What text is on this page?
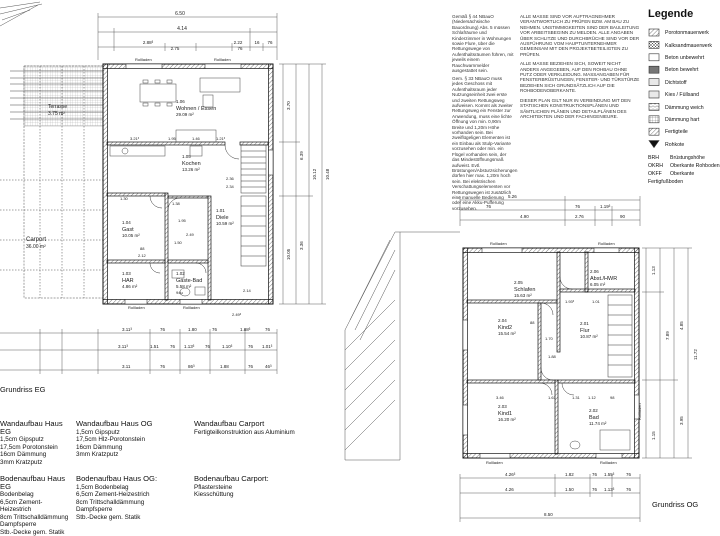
6.50
4.14
2.88³	2.22
2.75	76
16 76
Terrasse
3.75 m²
Carport
36.00 m²
Rollladen	Rollladen
Rollladen	Rollladen
1.06
Wohnen / Essen
29.09 m²
1.05
Kochen
13.26 m²
1.04
Gast
10.05 m²
1.01
Diele
10.59 m²
1.03
HAR
4.86 m²
1.02
Gäste-Bad
5.58 m²
3.21³	1.95	1.46	1.21³
2.36
2.34
1.38
2.12
1.30
2.49
1.50
88
1.95
94µ	2.14
2.49³
3.70
6.39
10.12 10.48
10.05
3.36
3.11³	76	1.80	76	1.88³	76
3.11³	1.51 76 1.13³ 76	1.10³	76 1.01³
3.11	76	86³	1.88	76	46³
5.26
76
4.90
76	1.19³
2.76	90
Rollladen	Rollladen
Rollladen	Rollladen
Rollladen
2.05
Schlafen
15.63 m²
2.06
Abst./HWR
6.05 m²
2.04
Kind2
15.54 m²
2.01
Flur
10.87 m²
2.03
Kind1
16.20 m²
2.02
Bad
11.74 m²
3.46	1.61	1.31
1.70
1.12	98
88
1.93³	1.01
1.88	11.72
4.85
3.95
7.89
1.13
1.15
4.26³	1.82	76 1.55³	76
4.26	1.50	76 1.13³	76
8.50

Gemäß § 44 NBauO (Niedersächsische Bauordnung) Abs. 5 müssen Schlafräume und Kinderzimmer in Wohnungen sowie Flure, über die Rettungswege von Aufenthaltsräumen führen, mit jeweils einem Rauchwarnmelder ausgestattet sein.

Gem. § 33 NBauO muss jedes Geschoss mit Aufenthaltsraum jeder Nutzungseinheit zwei erste und zweiten Rettungsweg aufweisen. Kommt als zweiter Rettungsweg ein Fenster zur Anwendung, muss eine lichte Öffnung von min. 0,90m Breite und 1,20m Höhe vorhanden sein. Bei zweiflügeligen Elementen ist ein Einbau als Stulp-Variante vorzusehen oder min. ein Flügel vorhanden sein, der das Mindestöffnungsmaß aufweist. Evtl. Brüstungen/Absturzsicherungen dürfen hier max. 1,20m hoch sein. Bei elektrischen Verschattungselementen vor Rettungswegen ist zusätzlich eine manuelle Bedienung oder eine Akku-Pufferung vorzusehen.

ALLE MASSE SIND VOR AUFTRAGNEHMER VERANTWORTLICH ZU PRÜFEN BZW. AM BAU ZU NEHMEN. UNSTIMMIGKEITEN SIND DER BAULEITUNG VOR ARBEITSBEGINN ZU MELDEN. ALLE ANGABEN ÜBER SCHLITZE UND DURCHBRÜCHE SIND VOR DER AUSFÜHRUNG VOM HAUPTUNTERNEHMER GEMEINSAM MIT DEN PROJEKTBETEILIGTEN ZU PRÜFEN.

ALLE MASSE BEZIEHEN SICH, SOWEIT NICHT ANDERS ANGEGEBEN, AUF DEN ROHBAU OHNE PUTZ ODER VERKLEIDUNG. MASSANGABEN FÜR FENSTERBRÜSTUNGEN, FENSTER- UND TÜRSTÜRZE BEZIEHEN SICH GRUNDSÄTZLICH AUF DIE ROHBODENOBERKANTE.

DIESER PLAN GILT NUR IN VERBINDUNG MIT DEN STATISCHEN KONSTRUKTIONSPLÄNEN UND SÄMTLICHEN PLÄNEN UND DETAILPLÄNEN DES ARCHITEKTEN UND DER FACHINGENIEURE.

Legende
Porotonmauerwerk
Kalksandmauerwerk
Beton unbewehrt
Beton bewehrt
Dichtstoff
Kies / Füllsand
Dämmung weich
Dämmung hart
Fertigteile
Rohkote
BRH Brüstungshöhe
OKRH Oberkante Rohboden
OKFF Oberkante Fertigfußboden
Grundriss EG
Grundriss OG
Wandaufbau Haus EG
1,5cm Gipsputz
17,5cm Porotonstein
16cm Dämmung
3mm Kratzputz
Wandaufbau Haus OG
1,5cm Gipsputz
17,5cm Hlz-Porotonstein
16cm Dämmung
3mm Kratzputz
Wandaufbau Carport
Fertigteilkonstruktion aus Aluminium
Bodenaufbau Haus EG
Bodenbelag
6,5cm Zement-Heizestrich
8cm Trittschalldämmung
Dampfsperre
Stb.-Decke gem. Statik
Bodenaufbau Haus OG:
1,5cm Bodenbelag
6,5cm Zement-Heizestrich
8cm Trittschalldämmung
Dampfsperre
Stb.-Decke gem. Statik
Bodenaufbau Carport:
Pflastersteine
Kiesschüttung
